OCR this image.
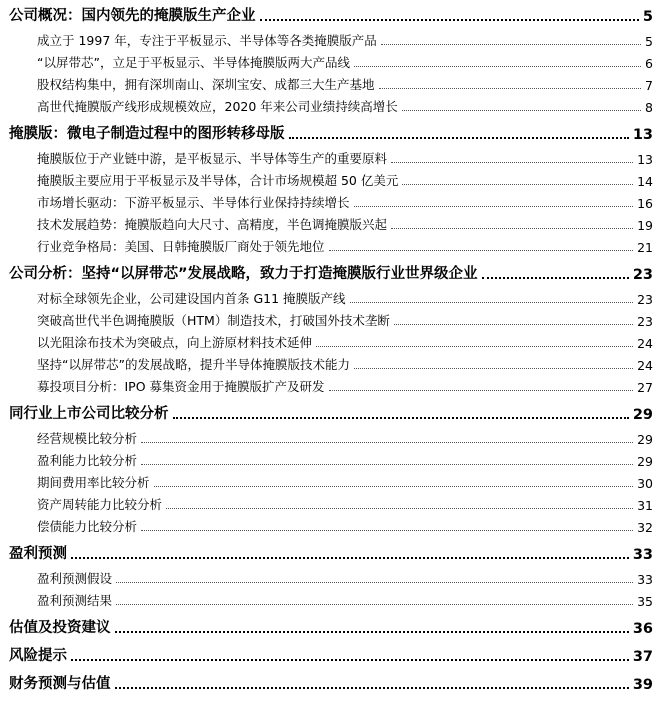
公司概况：国内领先的掩膜版生产企业	5
成立于 1997 年，专注于平板显示、半导体等各类掩膜版产品	5
“以屏带芯”，立足于平板显示、半导体掩膜版两大产品线	6
股权结构集中，拥有深圳南山、深圳宝安、成都三大生产基地	7
高世代掩膜版产线形成规模效应，2020 年来公司业绩持续高增长	8
掩膜版：微电子制造过程中的图形转移母版	13
掩膜版位于产业链中游，是平板显示、半导体等生产的重要原料	13
掩膜版主要应用于平板显示及半导体，合计市场规模超 50 亿美元	14
市场增长驱动：下游平板显示、半导体行业保持持续增长	16
技术发展趋势：掩膜版趋向大尺寸、高精度，半色调掩膜版兴起	19
行业竞争格局：美国、日韩掩膜版厂商处于领先地位	21
公司分析：坚持“以屏带芯”发展战略，致力于打造掩膜版行业世界级企业	23
对标全球领先企业，公司建设国内首条 G11 掩膜版产线	23
突破高世代半色调掩膜版（HTM）制造技术，打破国外技术垄断	23
以光阻涂布技术为突破点，向上游原材料技术延伸	24
坚持“以屏带芯”的发展战略，提升半导体掩膜版技术能力	24
募投项目分析：IPO 募集资金用于掩膜版扩产及研发	27
同行业上市公司比较分析	29
经营规模比较分析	29
盈利能力比较分析	29
期间费用率比较分析	30
资产周转能力比较分析	31
偿债能力比较分析	32
盈利预测	33
盈利预测假设	33
盈利预测结果	35
估值及投资建议	36
风险提示	37
财务预测与估值	39
